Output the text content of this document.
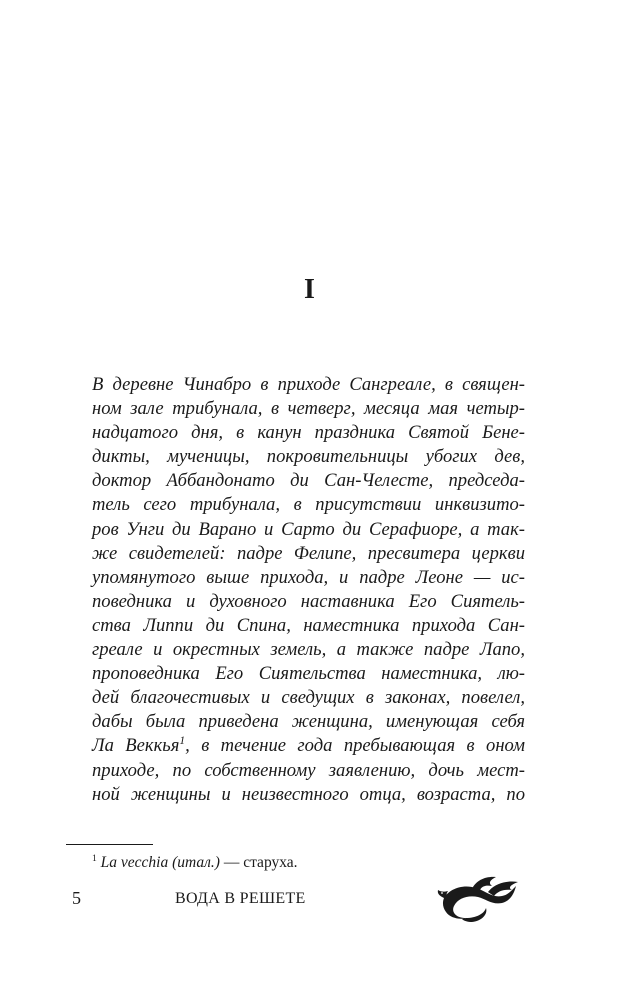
I
В деревне Чинабро в приходе Сангреале, в священ-
ном зале трибунала, в четверг, месяца мая четыр-
надцатого дня, в канун праздника Святой Бене-
дикты, мученицы, покровительницы убогих дев,
доктор Аббандонато ди Сан-Челесте, председа-
тель сего трибунала, в присутствии инквизито-
ров Унги ди Варано и Сарто ди Серафиоре, а так-
же свидетелей: падре Фелипе, пресвитера церкви
упомянутого выше прихода, и падре Леоне — ис-
поведника и духовного наставника Его Сиятель-
ства Липпи ди Спина, наместника прихода Сан-
греале и окрестных земель, а также падре Лапо,
проповедника Его Сиятельства наместника, лю-
дей благочестивых и сведущих в законах, повелел,
дабы была приведена женщина, именующая себя
Ла Веккья$^1$, в течение года пребывающая в оном
приходе, по собственному заявлению, дочь мест-
ной женщины и неизвестного отца, возраста, по
$^1$ La vecchia (итал.) — старуха.
5	ВОДА В РЕШЕТЕ
